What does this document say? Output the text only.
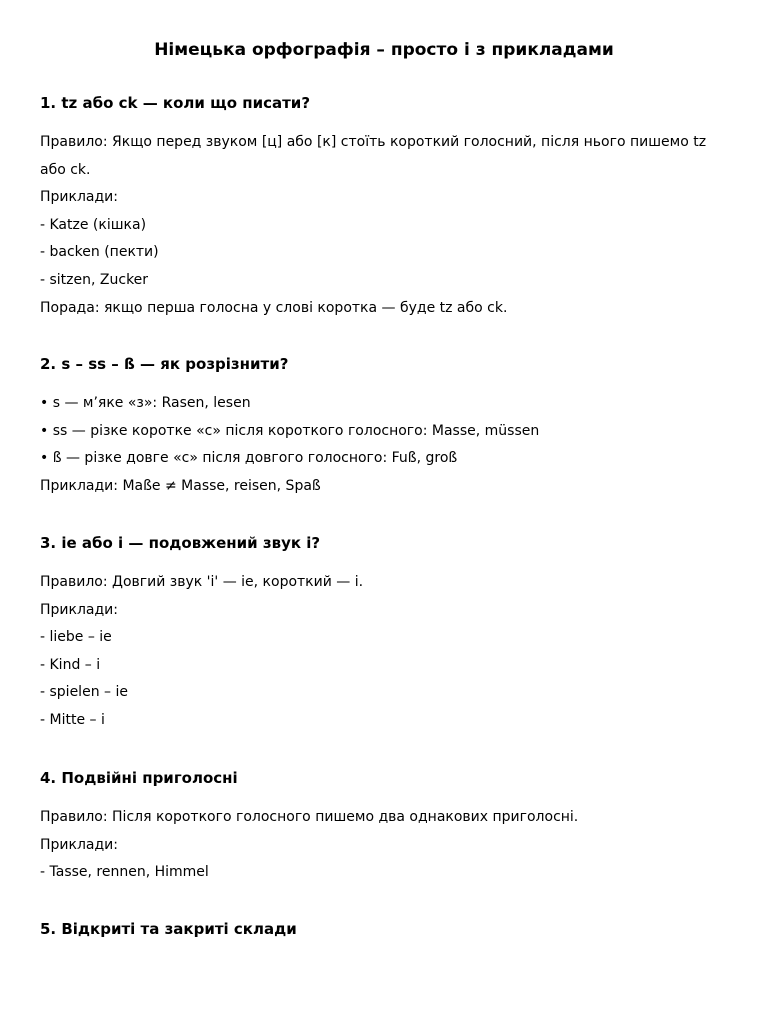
Німецька орфографія – просто і з прикладами
1. tz або ck — коли що писати?

Правило: Якщо перед звуком [ц] або [к] стоїть короткий голосний, після нього пишемо tz

або ck.

Приклади:

- Katze (кішка)

- backen (пекти)

- sitzen, Zucker

Порада: якщо перша голосна у слові коротка — буде tz або ck.

2. s – ss – ß — як розрізнити?

• s — м’яке «з»: Rasen, lesen

• ss — різке коротке «с» після короткого голосного: Masse, müssen

• ß — різке довге «с» після довгого голосного: Fuß, groß

Приклади: Maße ≠ Masse, reisen, Spaß

3. ie або i — подовжений звук i?

Правило: Довгий звук 'i' — ie, короткий — i.

Приклади:

- liebe – ie

- Kind – i

- spielen – ie

- Mitte – i

4. Подвійні приголосні

Правило: Після короткого голосного пишемо два однакових приголосні.

Приклади:

- Tasse, rennen, Himmel

5. Відкриті та закриті склади
